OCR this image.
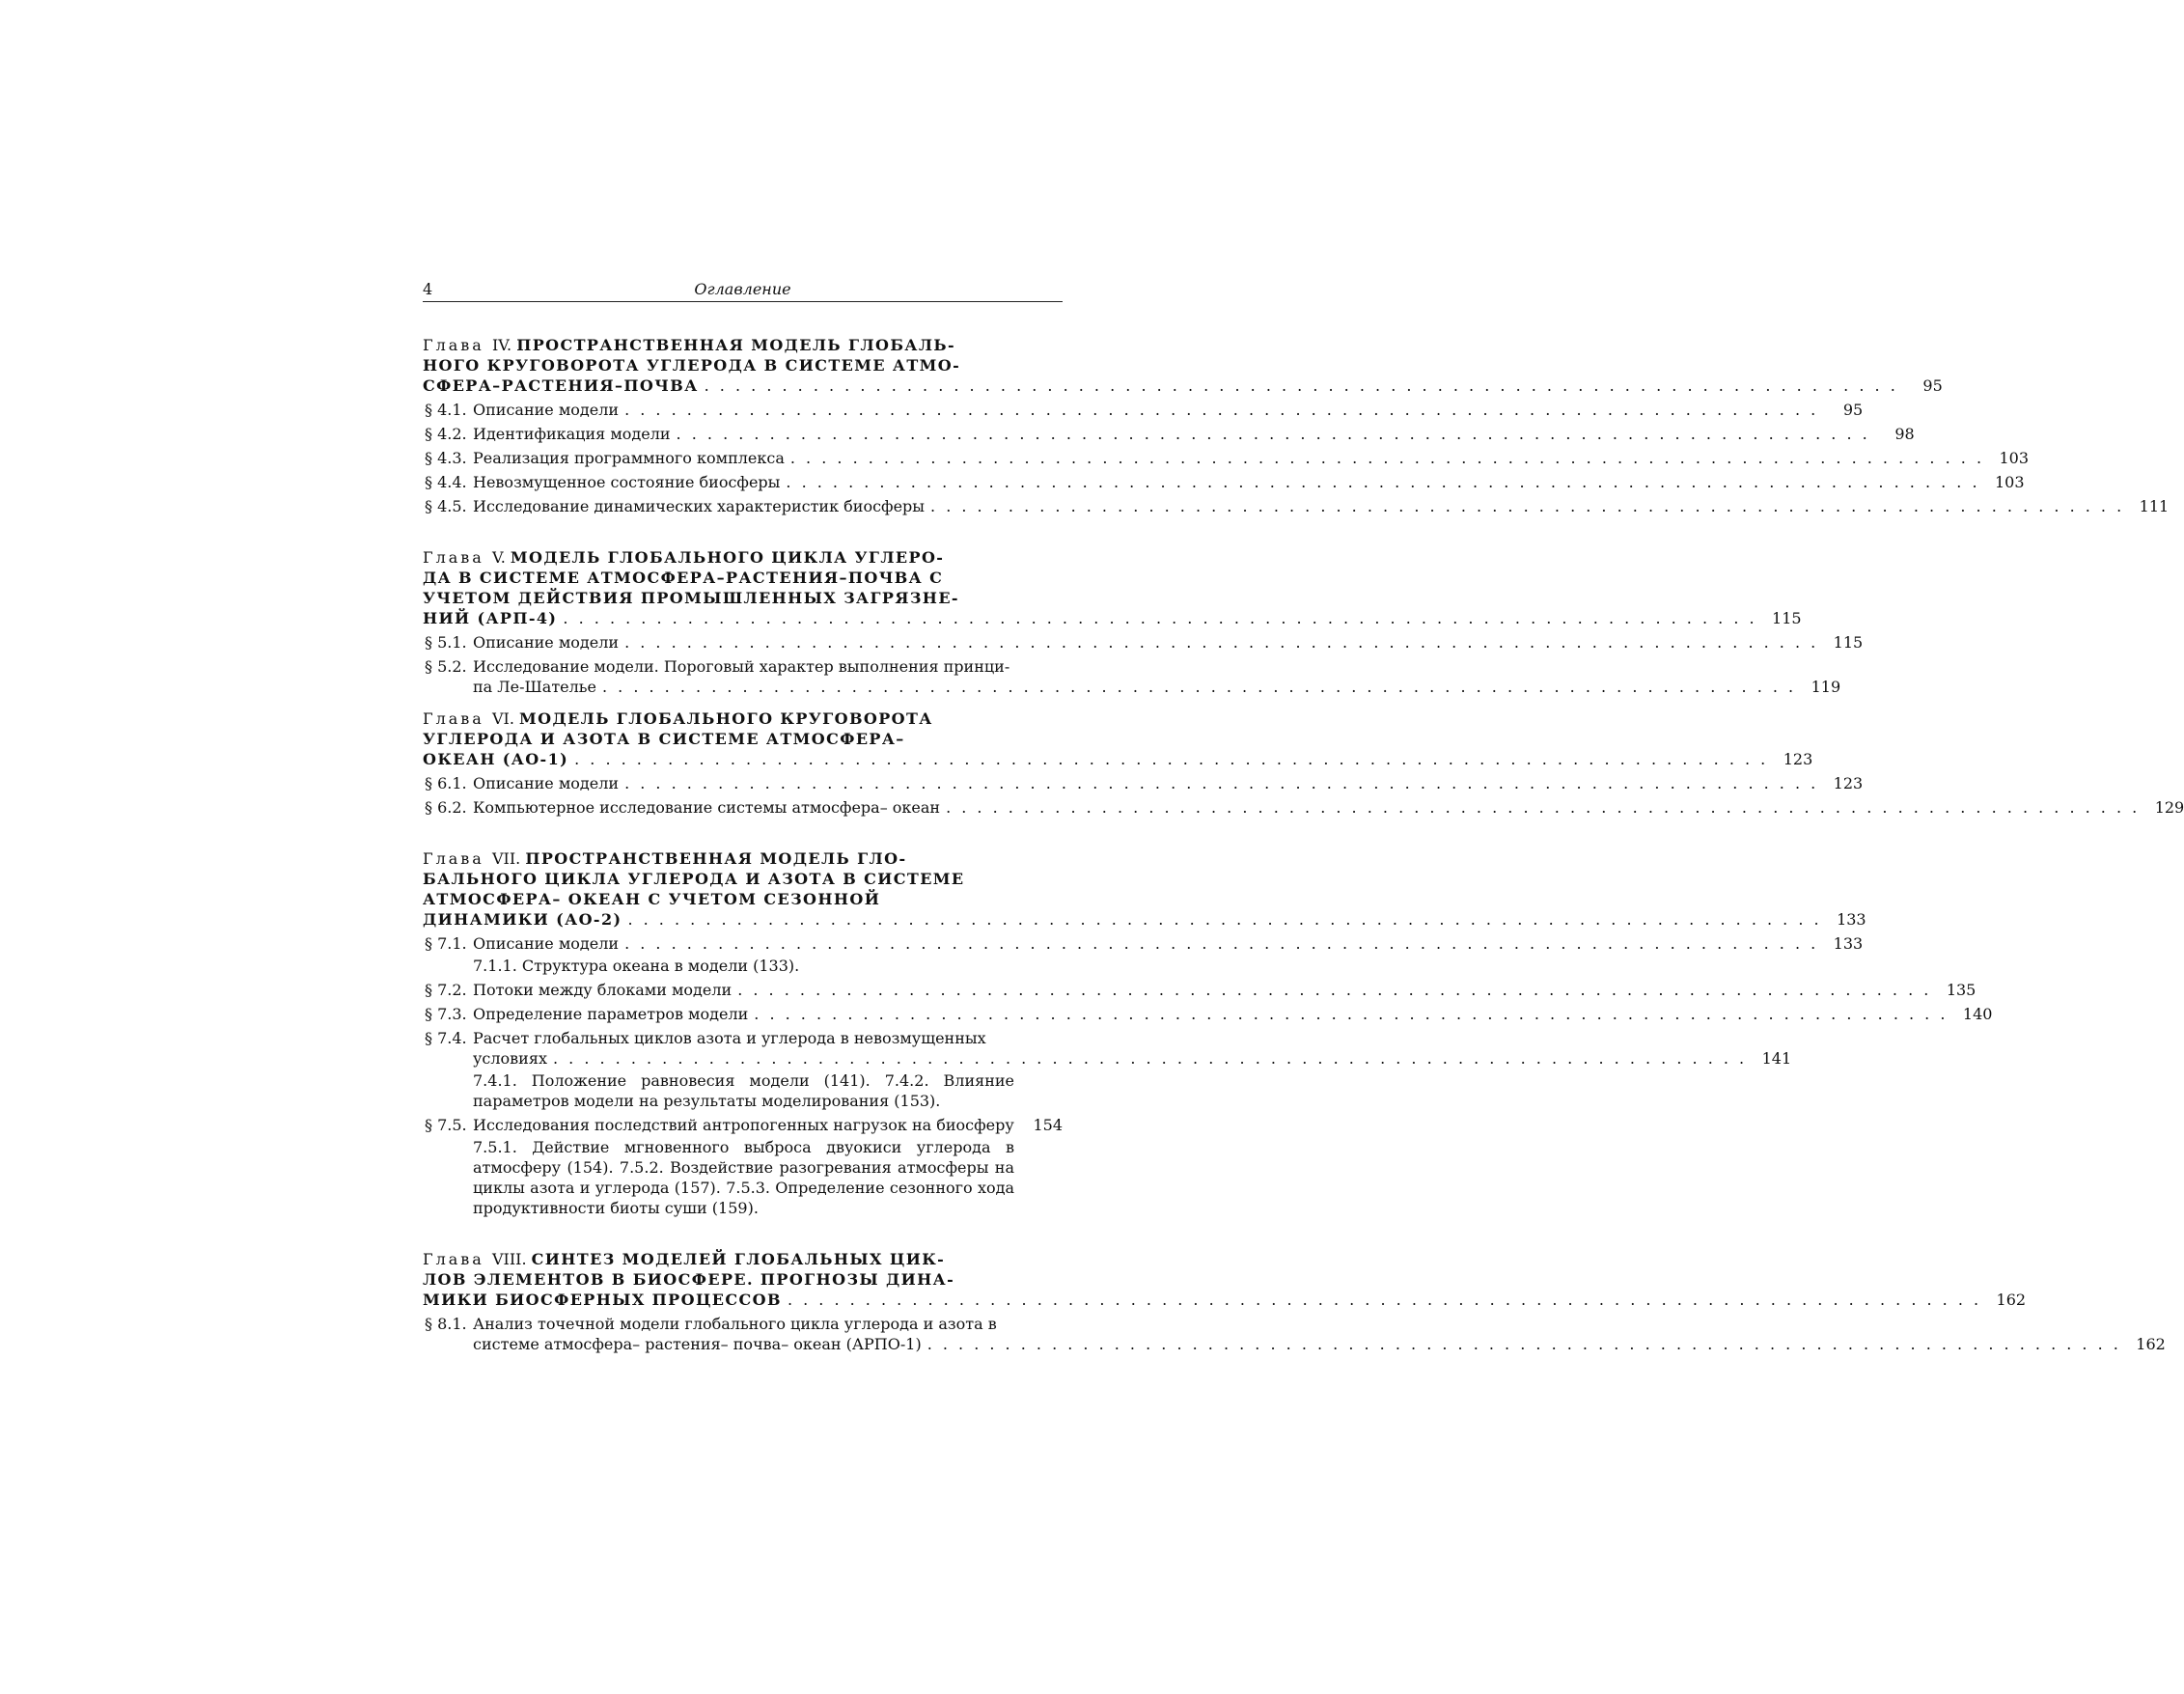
4	Оглавление
Глава IV. ПРОСТРАНСТВЕННАЯ МОДЕЛЬ ГЛОБАЛЬ-
НОГО КРУГОВОРОТА УГЛЕРОДА В СИСТЕМЕ АТМО-
СФЕРА–РАСТЕНИЯ–ПОЧВА . . .	95
§ 4.1. Описание модели . . .	95
§ 4.2. Идентификация модели . . .	98
§ 4.3. Реализация программного комплекса . . .	103
§ 4.4. Невозмущенное состояние биосферы . . .	103
§ 4.5. Исследование динамических характеристик биосферы . . .	111
Глава V. МОДЕЛЬ ГЛОБАЛЬНОГО ЦИКЛА УГЛЕРО-
ДА В СИСТЕМЕ АТМОСФЕРА–РАСТЕНИЯ–ПОЧВА С
УЧЕТОМ ДЕЙСТВИЯ ПРОМЫШЛЕННЫХ ЗАГРЯЗНЕ-
НИЙ (АРП-4) . . .	115
§ 5.1. Описание модели . . .	115
§ 5.2. Исследование модели. Пороговый характер выполнения принци-
па Ле-Шателье . . .	119
Глава VI. МОДЕЛЬ ГЛОБАЛЬНОГО КРУГОВОРОТА
УГЛЕРОДА И АЗОТА В СИСТЕМЕ АТМОСФЕРА–
ОКЕАН (АО-1) . . .	123
§ 6.1. Описание модели . . .	123
§ 6.2. Компьютерное исследование системы атмосфера– океан . . .	129
Глава VII. ПРОСТРАНСТВЕННАЯ МОДЕЛЬ ГЛО-
БАЛЬНОГО ЦИКЛА УГЛЕРОДА И АЗОТА В СИСТЕМЕ
АТМОСФЕРА– ОКЕАН С УЧЕТОМ СЕЗОННОЙ
ДИНАМИКИ (АО-2) . . .	133
§ 7.1. Описание модели . . .	133
7.1.1. Структура океана в модели (133).
§ 7.2. Потоки между блоками модели . . .	135
§ 7.3. Определение параметров модели . . .	140
§ 7.4. Расчет глобальных циклов азота и углерода в невозмущенных
условиях . . .	141
7.4.1. Положение равновесия модели (141). 7.4.2. Влияние параметров модели на результаты моделирования (153).
§ 7.5. Исследования последствий антропогенных нагрузок на биосферу	154
7.5.1. Действие мгновенного выброса двуокиси углерода в атмосферу (154). 7.5.2. Воздействие разогревания атмосферы на циклы азота и углерода (157). 7.5.3. Определение сезонного хода продуктивности биоты суши (159).
Глава VIII. СИНТЕЗ МОДЕЛЕЙ ГЛОБАЛЬНЫХ ЦИК-
ЛОВ ЭЛЕМЕНТОВ В БИОСФЕРЕ. ПРОГНОЗЫ ДИНА-
МИКИ БИОСФЕРНЫХ ПРОЦЕССОВ . . .	162
§ 8.1. Анализ точечной модели глобального цикла углерода и азота в
системе атмосфера– растения– почва– океан (АРПО-1) . . .	162
